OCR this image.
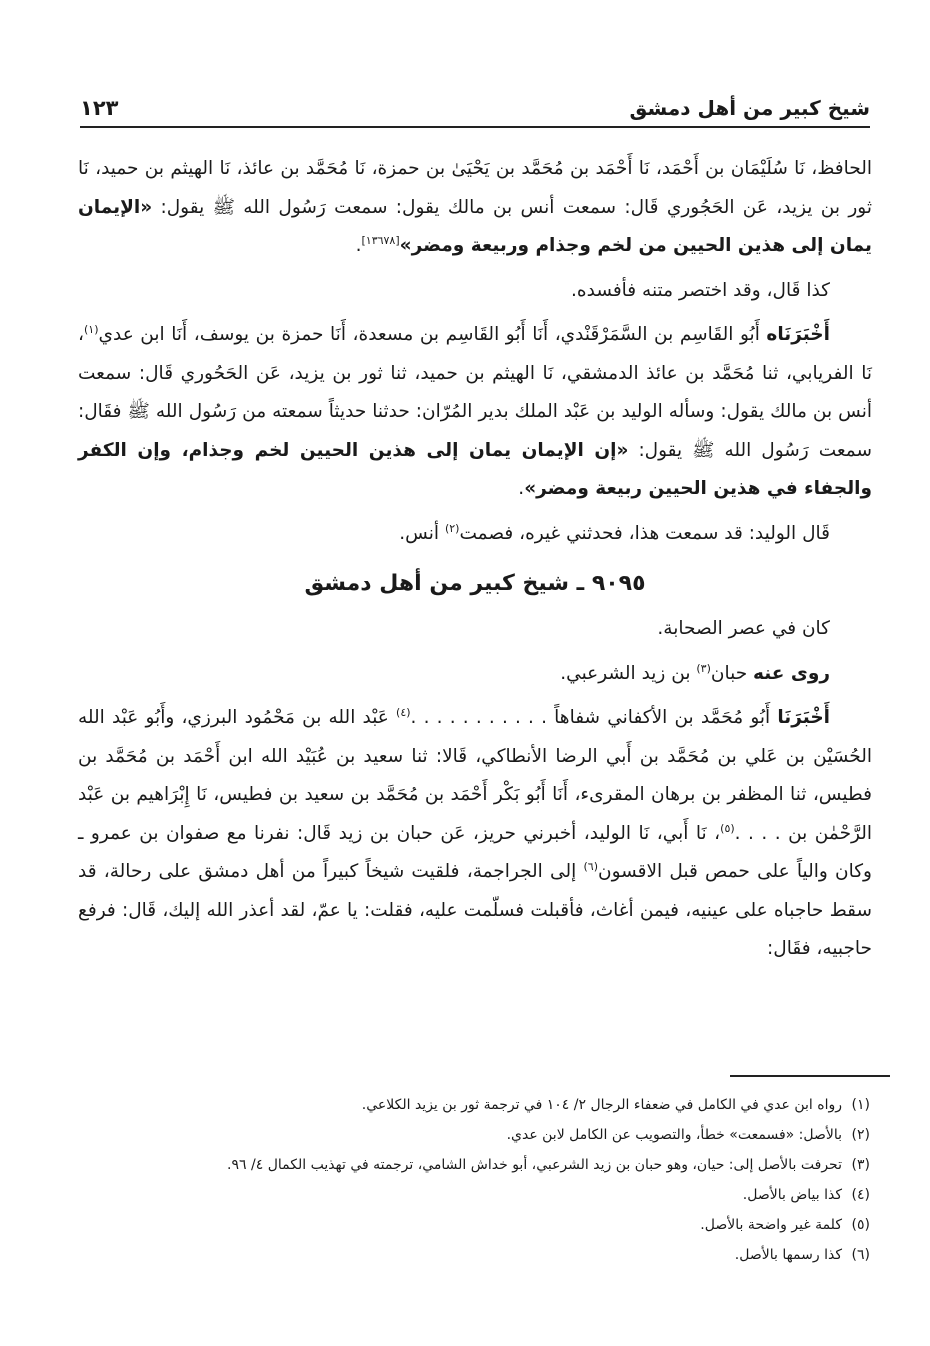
شيخ كبير من أهل دمشق
١٢٣

الحافظ، نَا سُلَيْمَان بن أَحْمَد، نَا أَحْمَد بن مُحَمَّد بن يَحْيَىٰ بن حمزة، نَا مُحَمَّد بن عائذ، نَا الهيثم بن حميد، نَا ثور بن يزيد، عَن الحَجُوري قَال: سمعت أنس بن مالك يقول: سمعت رَسُول الله ﷺ يقول: «الإيمان يمان إلى هذين الحيين من لخم وجذام وربيعة ومضر»[١٣٦٧٨].

كذا قَال، وقد اختصر متنه فأفسده.

أَخْبَرَنَاه أَبُو القَاسِم بن السَّمَرْقَنْدي، أَنَا أَبُو القَاسِم بن مسعدة، أَنَا حمزة بن يوسف، أَنَا ابن عدي$^{(١)}$، نَا الفريابي، ثنا مُحَمَّد بن عائذ الدمشقي، نَا الهيثم بن حميد، ثنا ثور بن يزيد، عَن الحَحُوري قَال: سمعت أنس بن مالك يقول: وسأله الوليد بن عَبْد الملك بدير المُرّان: حدثنا حديثاً سمعته من رَسُول الله ﷺ فقَال: سمعت رَسُول الله ﷺ يقول: «إن الإيمان يمان إلى هذين الحيين لخم وجذام، وإن الكفر والجفاء في هذين الحيين ربيعة ومضر».

قَال الوليد: قد سمعت هذا، فحدثني غيره، فصمت$^{(٢)}$ أنس.

٩٠٩٥ ـ شيخ كبير من أهل دمشق

كان في عصر الصحابة.

روى عنه حبان$^{(٣)}$ بن زيد الشرعبي.

أَخْبَرَنَا أَبُو مُحَمَّد بن الأكفاني شفاهاً . . . . . . . . . . .$^{(٤)}$ عَبْد الله بن مَحْمُود البرزي، وأَبُو عَبْد الله الحُسَيْن بن عَلي بن مُحَمَّد بن أَبي الرضا الأنطاكي، قَالا: ثنا سعيد بن عُبَيْد الله ابن أَحْمَد بن مُحَمَّد بن فطيس، ثنا المظفر بن برهان المقرىء، أَنَا أَبُو بَكْر أَحْمَد بن مُحَمَّد بن سعيد بن فطيس، نَا إِبْرَاهيم بن عَبْد الرَّحْمٰن بن . . . .$^{(٥)}$، نَا أَبي، نَا الوليد، أخبرني حريز، عَن حبان بن زيد قَال: نفرنا مع صفوان بن عمرو ـ وكان والياً على حمص قبل الاقسون$^{(٦)}$ إلى الجراجمة، فلقيت شيخاً كبيراً من أهل دمشق على رحالة، قد سقط حاجباه على عينيه، فيمن أغاث، فأقبلت فسلّمت عليه، فقلت: يا عمّ، لقد أعذر الله إليك، قَال: فرفع حاجبيه، فقَال:

(١)رواه ابن عدي في الكامل في ضعفاء الرجال ٢/ ١٠٤ في ترجمة ثور بن يزيد الكلاعي.

(٢)بالأصل: «فسمعت» خطأ، والتصويب عن الكامل لابن عدي.

(٣)تحرفت بالأصل إلى: حيان، وهو حبان بن زيد الشرعبي، أبو خداش الشامي، ترجمته في تهذيب الكمال ٤/ ٩٦.

(٤)كذا بياض بالأصل.

(٥)كلمة غير واضحة بالأصل.

(٦)كذا رسمها بالأصل.
